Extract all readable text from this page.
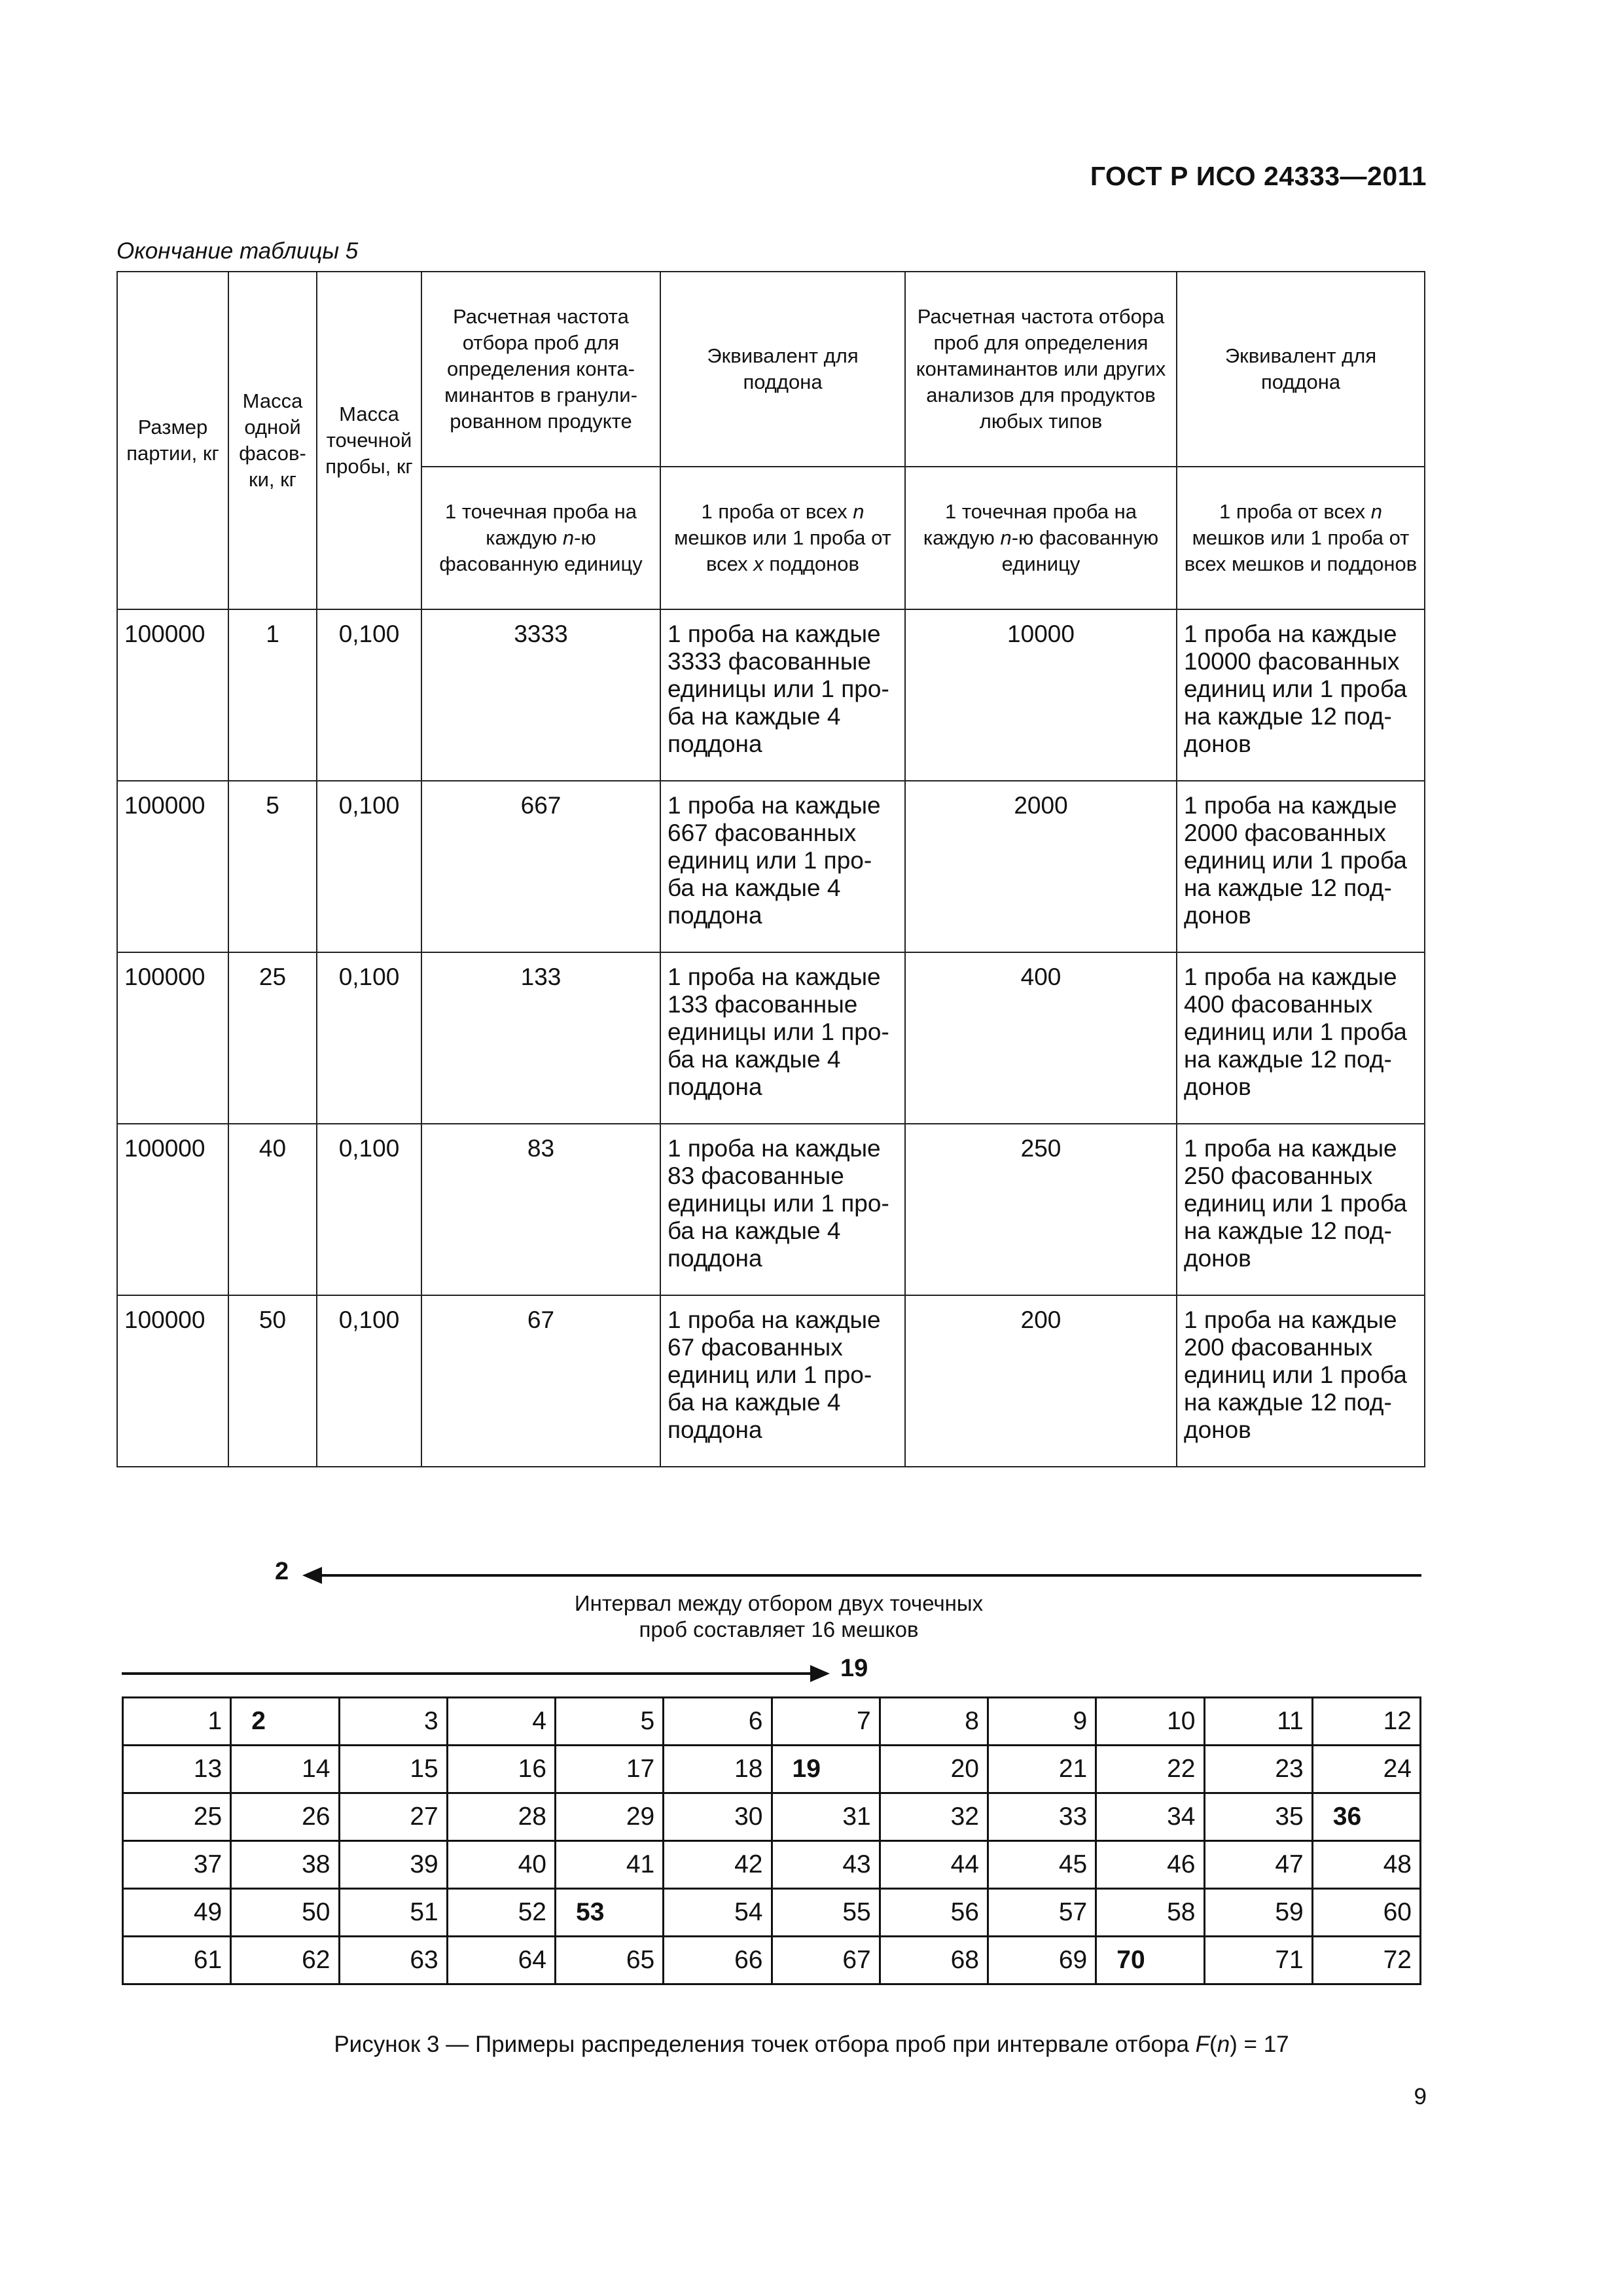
ГОСТ Р ИСО 24333—2011
Окончание таблицы 5
Размер партии, кг	Масса одной фасов- ки, кг	Масса точечной пробы, кг	Расчетная частота отбора проб для определения конта- минантов в гранули- рованном продукте	Эквивалент для поддона	Расчетная частота отбора проб для определения контаминантов или других анализов для продуктов любых типов	Эквивалент для поддона
			1 точечная проба на каждую n-ю фасованную единицу	1 проба от всех n мешков или 1 проба от всех x поддонов	1 точечная проба на каждую n-ю фасованную единицу	1 проба от всех n мешков или 1 проба от всех мешков и поддонов
100000	1	0,100	3333	1 проба на каждые 3333 фасованные единицы или 1 про- ба на каждые 4 поддона	10000	1 проба на каждые 10000 фасованных единиц или 1 проба на каждые 12 под- донов
100000	5	0,100	667	1 проба на каждые 667 фасованных единиц или 1 про- ба на каждые 4 поддона	2000	1 проба на каждые 2000 фасованных единиц или 1 проба на каждые 12 под- донов
100000	25	0,100	133	1 проба на каждые 133 фасованные единицы или 1 про- ба на каждые 4 поддона	400	1 проба на каждые 400 фасованных единиц или 1 проба на каждые 12 под- донов
100000	40	0,100	83	1 проба на каждые 83 фасованные единицы или 1 про- ба на каждые 4 поддона	250	1 проба на каждые 250 фасованных единиц или 1 проба на каждые 12 под- донов
100000	50	0,100	67	1 проба на каждые 67 фасованных единиц или 1 про- ба на каждые 4 поддона	200	1 проба на каждые 200 фасованных единиц или 1 проба на каждые 12 под- донов
2
Интервал между отбором двух точечных проб составляет 16 мешков
19
1	2	3	4	5	6	7	8	9	10	11	12
13	14	15	16	17	18	19	20	21	22	23	24
25	26	27	28	29	30	31	32	33	34	35	36
37	38	39	40	41	42	43	44	45	46	47	48
49	50	51	52	53	54	55	56	57	58	59	60
61	62	63	64	65	66	67	68	69	70	71	72
Рисунок 3 — Примеры распределения точек отбора проб при интервале отбора F(n) = 17
9
